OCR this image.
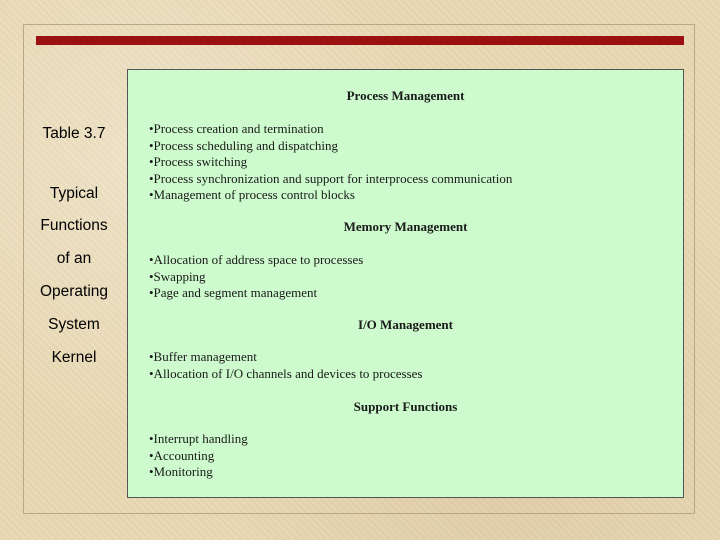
Table 3.7
Typical
Functions
of an
Operating
System
Kernel
Process Management
•Process creation and termination
•Process scheduling and dispatching
•Process switching
•Process synchronization and support for interprocess communication
•Management of process control blocks
Memory Management
•Allocation of address space to processes
•Swapping
•Page and segment management
I/O Management
•Buffer management
•Allocation of I/O channels and devices to processes
Support Functions
•Interrupt handling
•Accounting
•Monitoring
